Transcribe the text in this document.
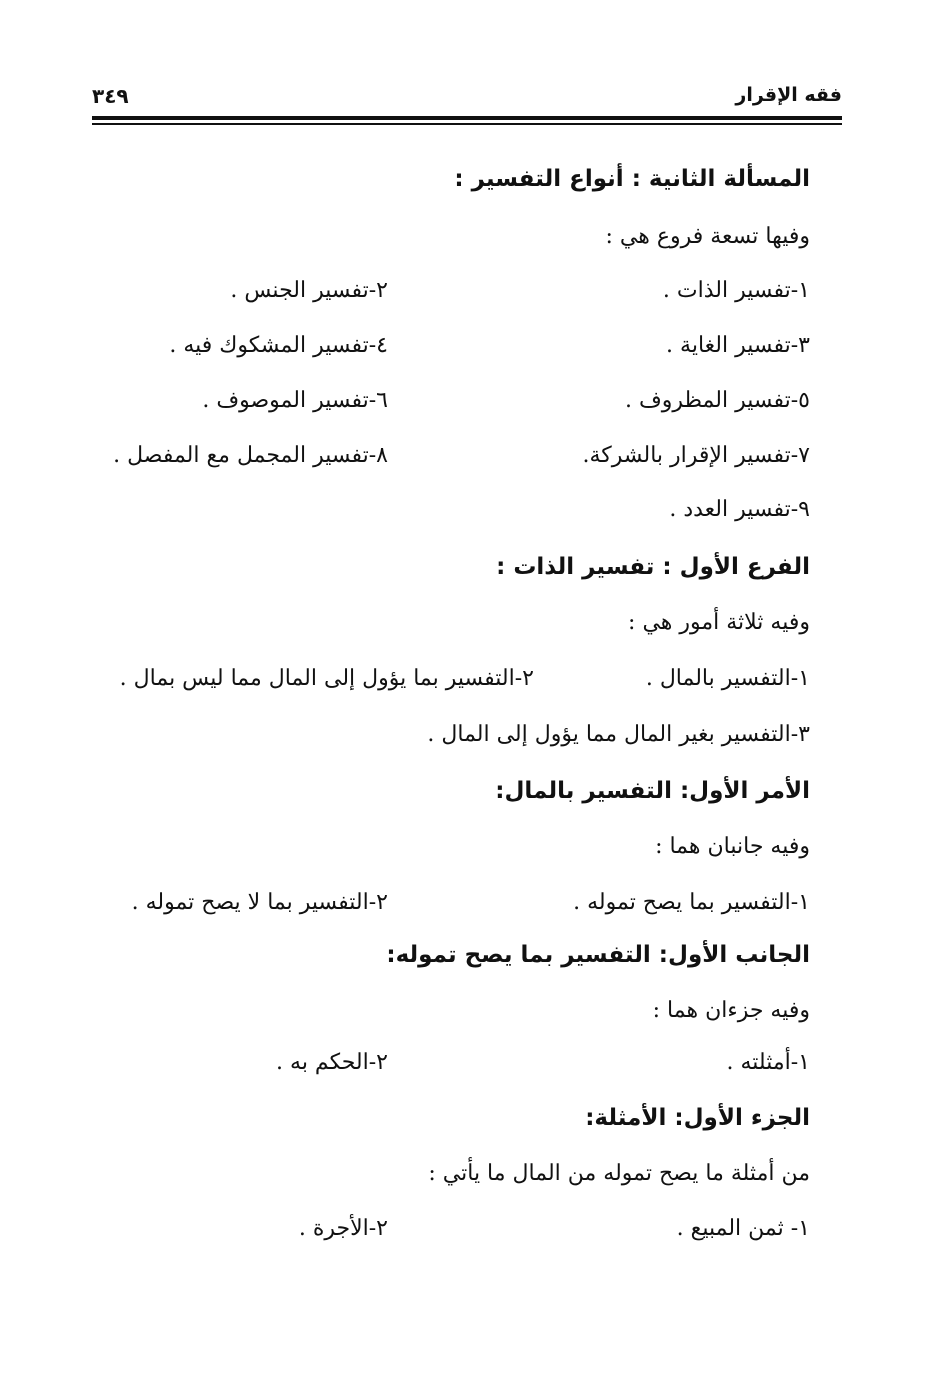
فقه الإقرار
٣٤٩
المسألة الثانية : أنواع التفسير :
وفيها تسعة فروع هي :
١-تفسير الذات .
٢-تفسير الجنس .
٣-تفسير الغاية .
٤-تفسير المشكوك فيه .
٥-تفسير المظروف .
٦-تفسير الموصوف .
٧-تفسير الإقرار بالشركة.
٨-تفسير المجمل مع المفصل .
٩-تفسير العدد .
الفرع الأول : تفسير الذات :
وفيه ثلاثة أمور هي :
١-التفسير بالمال .
٢-التفسير بما يؤول إلى المال مما ليس بمال .
٣-التفسير بغير المال مما يؤول إلى المال .
الأمر الأول: التفسير بالمال:
وفيه جانبان هما :
١-التفسير بما يصح تموله .
٢-التفسير بما لا يصح تموله .
الجانب الأول: التفسير بما يصح تموله:
وفيه جزءان هما :
١-أمثلته .
٢-الحكم به .
الجزء الأول: الأمثلة:
من أمثلة ما يصح تموله من المال ما يأتي :
١- ثمن المبيع .
٢-الأجرة .
